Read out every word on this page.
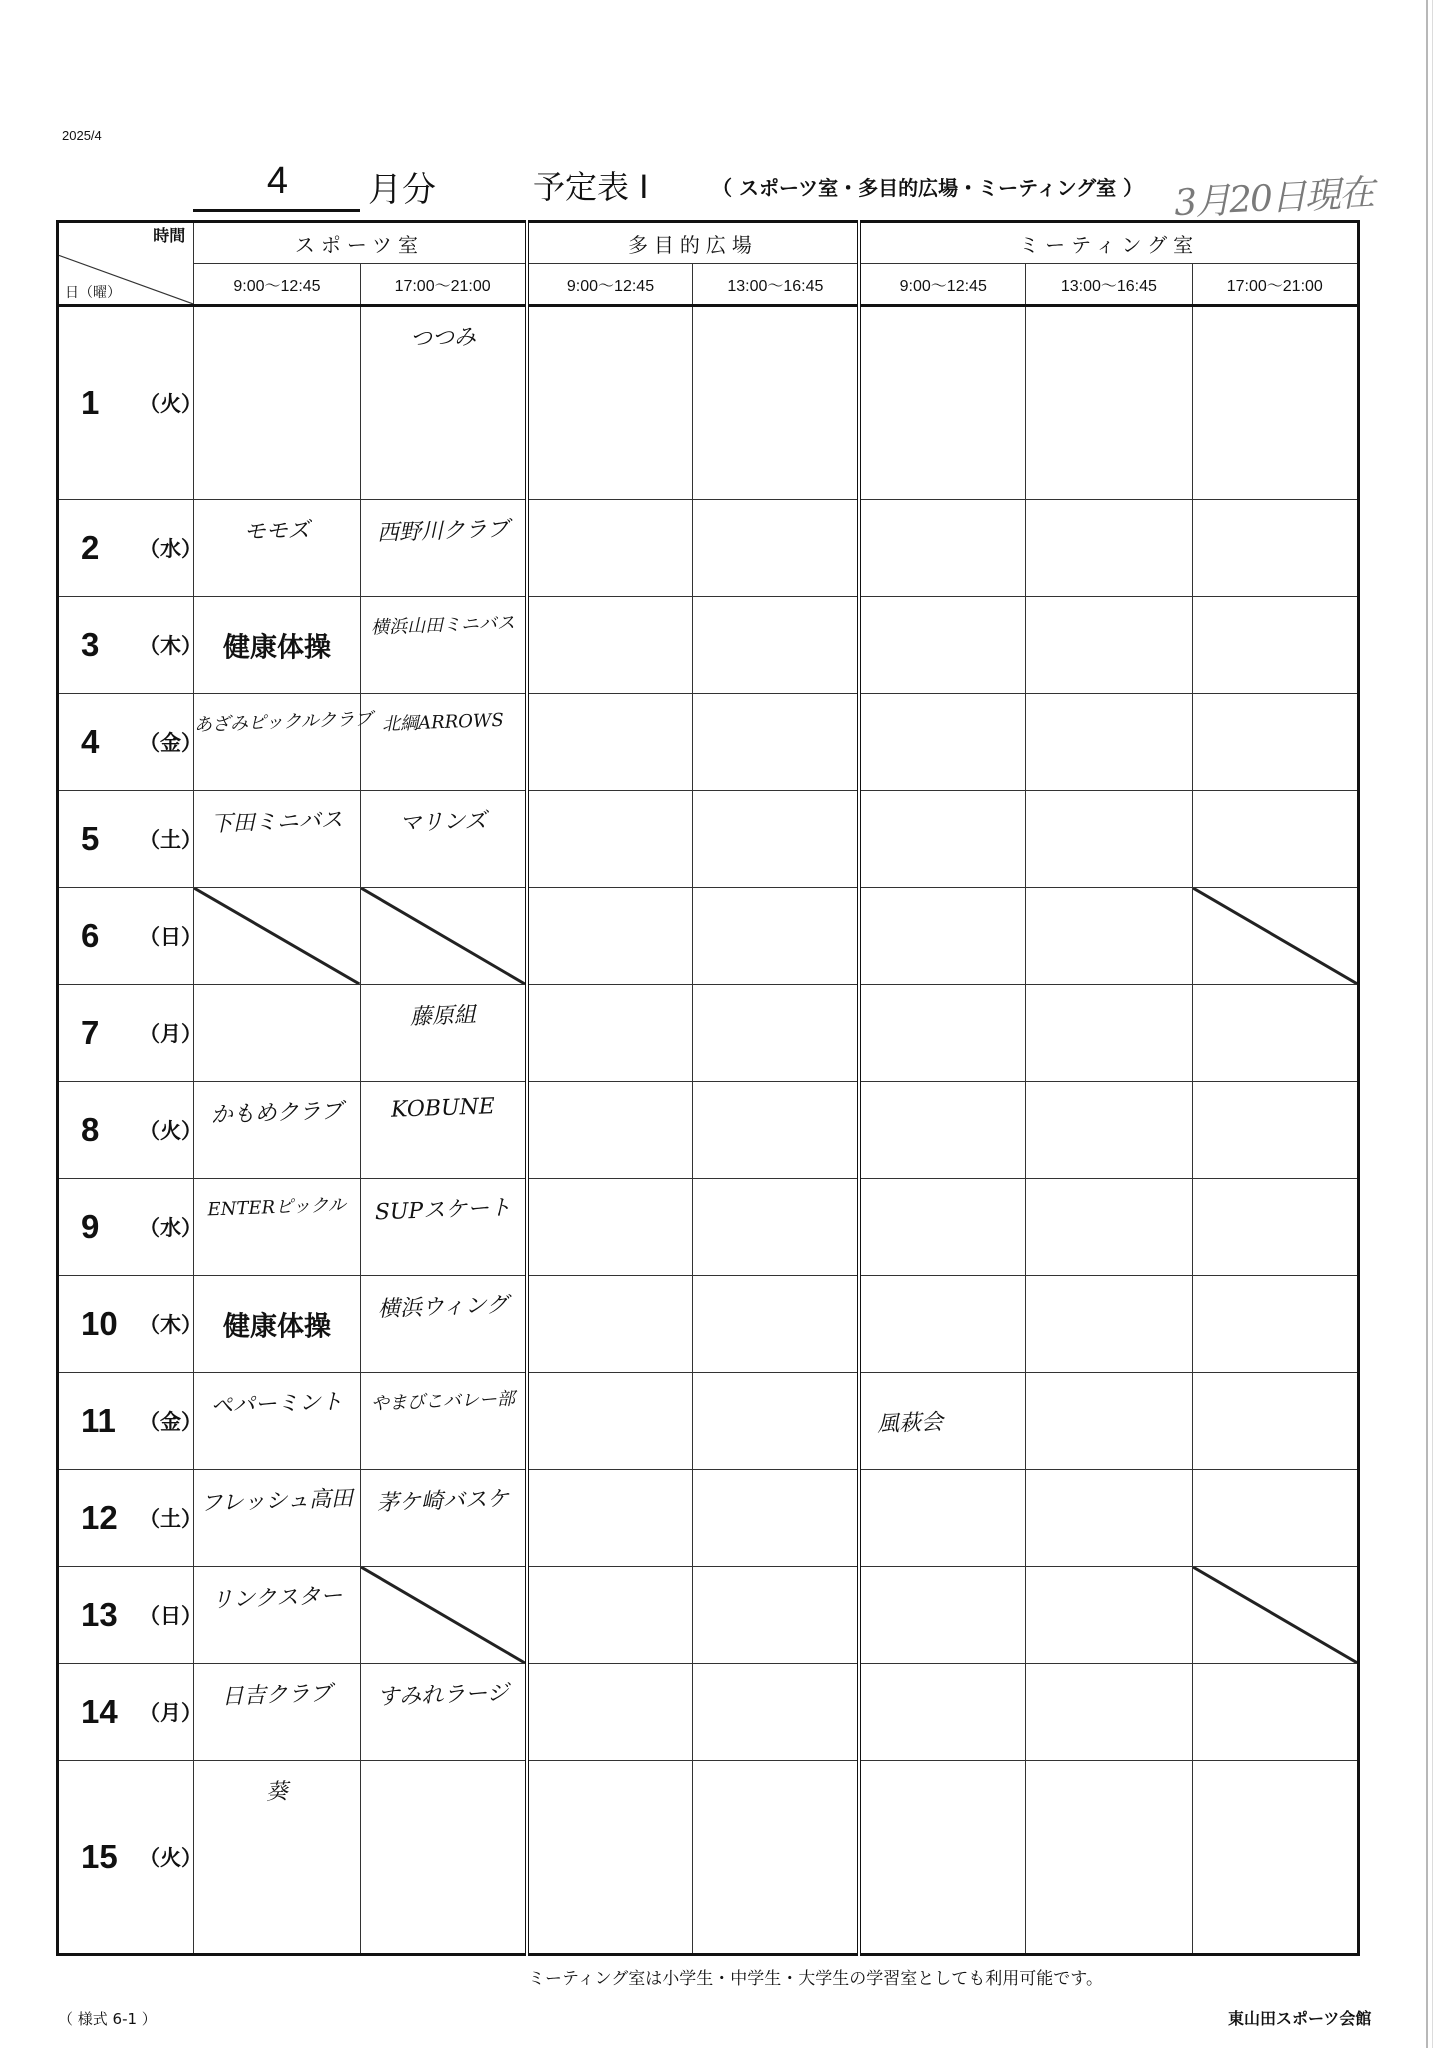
2025/4
4	月分	予定表 I	（ スポーツ室・多目的広場・ミーティング室 ） 3月20日現在
時間
日（曜）	スポーツ室		多目的広場		ミーティング室		
	9:00～12:45	17:00～21:00	9:00～12:45	13:00～16:45	9:00～12:45	13:00～16:45	17:00～21:00

1 （火）		つつみ					

2 （水）	モモズ	西野川クラブ					

3 （木）	健康体操	横浜山田ミニバス					

4 （金）	あざみピックルクラブ	北綱ARROWS					

5 （土）	下田ミニバス	マリンズ					

6 （日）

7 （月）		藤原組					

8 （火）	かもめクラブ	KOBUNE					

9 （水）	ENTERピックル	SUPスケート					

10 （木）	健康体操	横浜ウィング					

11 （金）	ペパーミント	やまびこバレー部			風萩会		

12 （土）	フレッシュ高田	茅ケ崎バスケ					

13 （日）	リンクスター

14 （月）	日吉クラブ	すみれラージ					

15 （火）	葵						

ミーティング室は小学生・中学生・大学生の学習室としても利用可能です。
（ 様式 6-1 ）	東山田スポーツ会館
